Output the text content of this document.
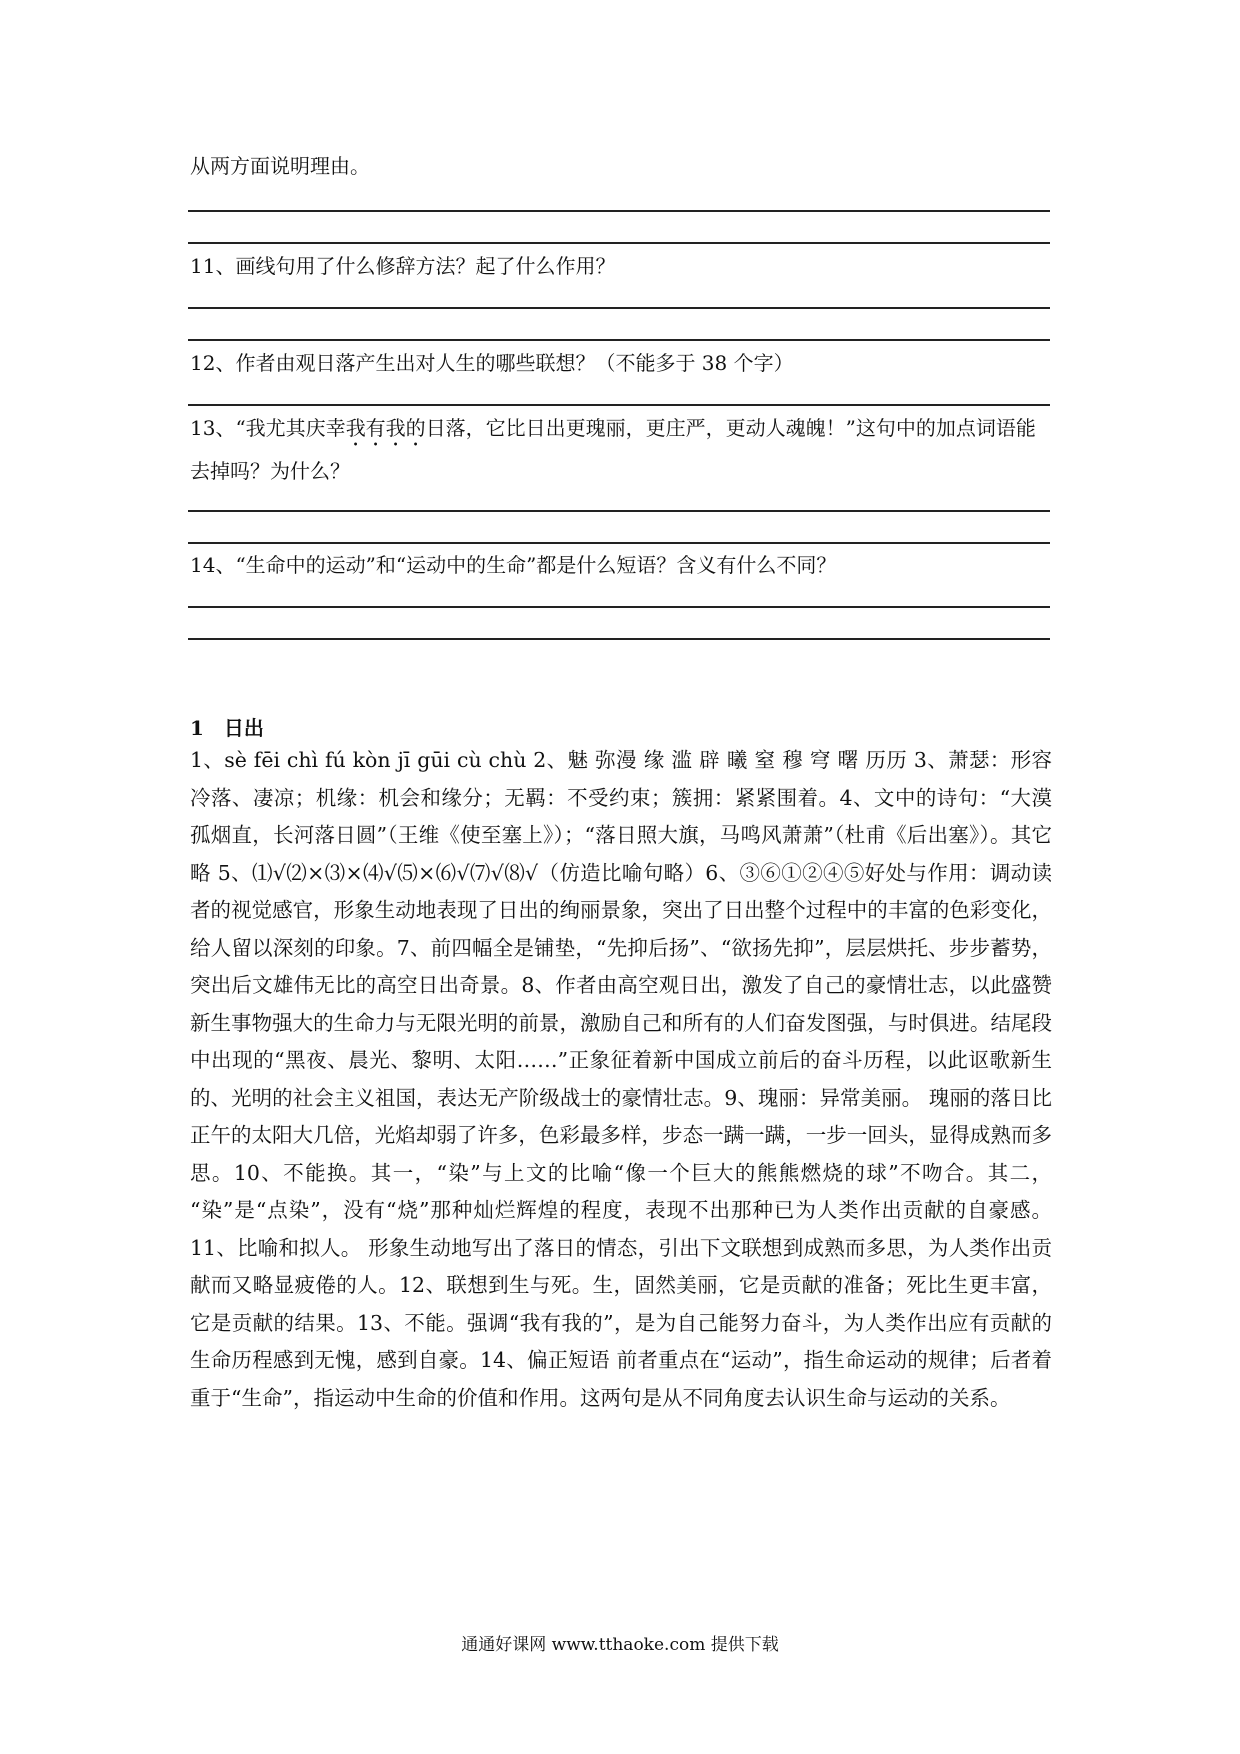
从两方面说明理由。
11、画线句用了什么修辞方法？起了什么作用？
12、作者由观日落产生出对人生的哪些联想？（不能多于 38 个字）
13、“我尤其庆幸我有我的日落，它比日出更瑰丽，更庄严，更动人魂魄！”这句中的加点词语能去掉吗？为什么？
14、“生命中的运动”和“运动中的生命”都是什么短语？含义有什么不同？
1 日出
1、sè fēi chì fú kòn jī gūi cù chù 2、魅 弥漫 缘 滥 辟 曦 窒 穆 穹 曙 历历 3、萧瑟：形容冷落、凄凉；机缘：机会和缘分；无羁：不受约束；簇拥：紧紧围着。4、文中的诗句：“大漠孤烟直，长河落日圆”（王维《使至塞上》）；“落日照大旗，马鸣风萧萧”（杜甫《后出塞》）。其它略 5、⑴√⑵×⑶×⑷√⑸×⑹√⑺√⑻√（仿造比喻句略）6、③⑥①②④⑤好处与作用：调动读者的视觉感官，形象生动地表现了日出的绚丽景象，突出了日出整个过程中的丰富的色彩变化，给人留以深刻的印象。7、前四幅全是铺垫，“先抑后扬”、“欲扬先抑”，层层烘托、步步蓄势，突出后文雄伟无比的高空日出奇景。8、作者由高空观日出，激发了自己的豪情壮志，以此盛赞新生事物强大的生命力与无限光明的前景，激励自己和所有的人们奋发图强，与时俱进。结尾段中出现的“黑夜、晨光、黎明、太阳……”正象征着新中国成立前后的奋斗历程，以此讴歌新生的、光明的社会主义祖国，表达无产阶级战士的豪情壮志。9、瑰丽：异常美丽。 瑰丽的落日比正午的太阳大几倍，光焰却弱了许多，色彩最多样，步态一蹒一蹒，一步一回头，显得成熟而多思。10、不能换。其一，“染”与上文的比喻“像一个巨大的熊熊燃烧的球”不吻合。其二， “染”是“点染”，没有“烧”那种灿烂辉煌的程度，表现不出那种已为人类作出贡献的自豪感。11、比喻和拟人。 形象生动地写出了落日的情态，引出下文联想到成熟而多思，为人类作出贡献而又略显疲倦的人。12、联想到生与死。生，固然美丽，它是贡献的准备；死比生更丰富，它是贡献的结果。13、不能。强调“我有我的”，是为自己能努力奋斗，为人类作出应有贡献的生命历程感到无愧，感到自豪。14、偏正短语 前者重点在“运动”，指生命运动的规律；后者着重于“生命”，指运动中生命的价值和作用。这两句是从不同角度去认识生命与运动的关系。
通通好课网 www.tthaoke.com 提供下载
